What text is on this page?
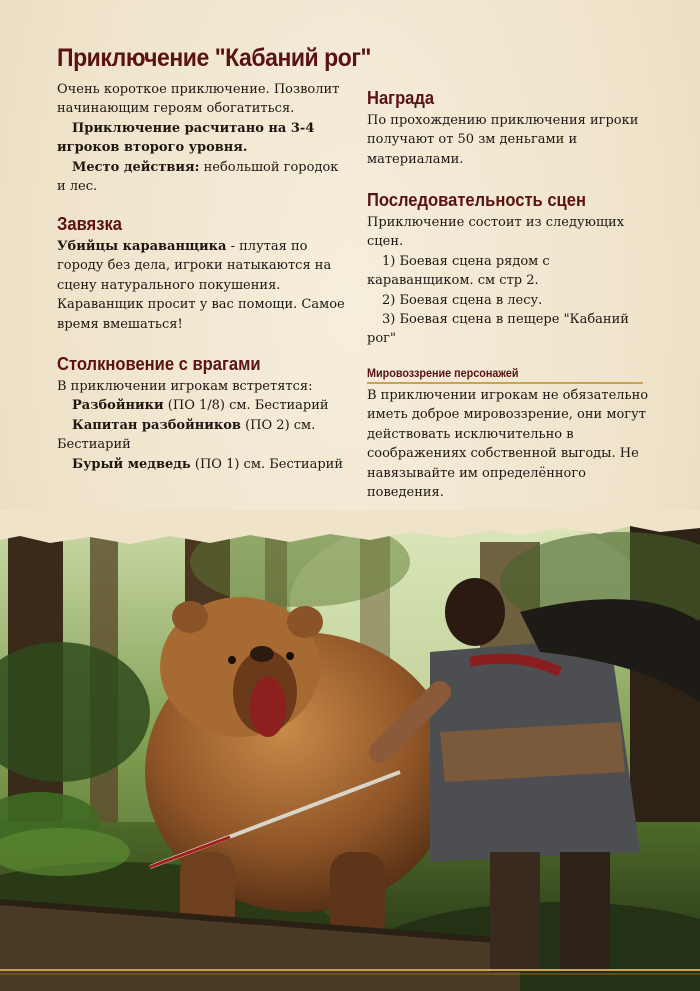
Приключение "Кабаний рог"

Очень короткое приключение. Позволит начинающим героям обогатиться.

Приключение расчитано на 3-4 игроков второго уровня.

Место действия: небольшой городок и лес.

Завязка

Убийцы караванщика - плутая по городу без дела, игроки натыкаются на сцену натурального покушения. Караванщик просит у вас помощи. Самое время вмешаться!

Столкновение с врагами

В приключении игрокам встретятся:

Разбойники (ПО 1/8) см. Бестиарий

Капитан разбойников (ПО 2) см. Бестиарий

Бурый медведь (ПО 1) см. Бестиарий

Награда

По прохождению приключения игроки получают от 50 зм деньгами и материалами.

Последовательность сцен

Приключение состоит из следующих сцен.

1) Боевая сцена рядом с караванщиком. см стр 2.

2) Боевая сцена в лесу.

3) Боевая сцена в пещере "Кабаний рог"

Мировоззрение персонажей

В приключении игрокам не обязательно иметь доброе мировоззрение, они могут действовать исключительно в соображениях собственной выгоды. Не навязывайте им определённого поведения.
